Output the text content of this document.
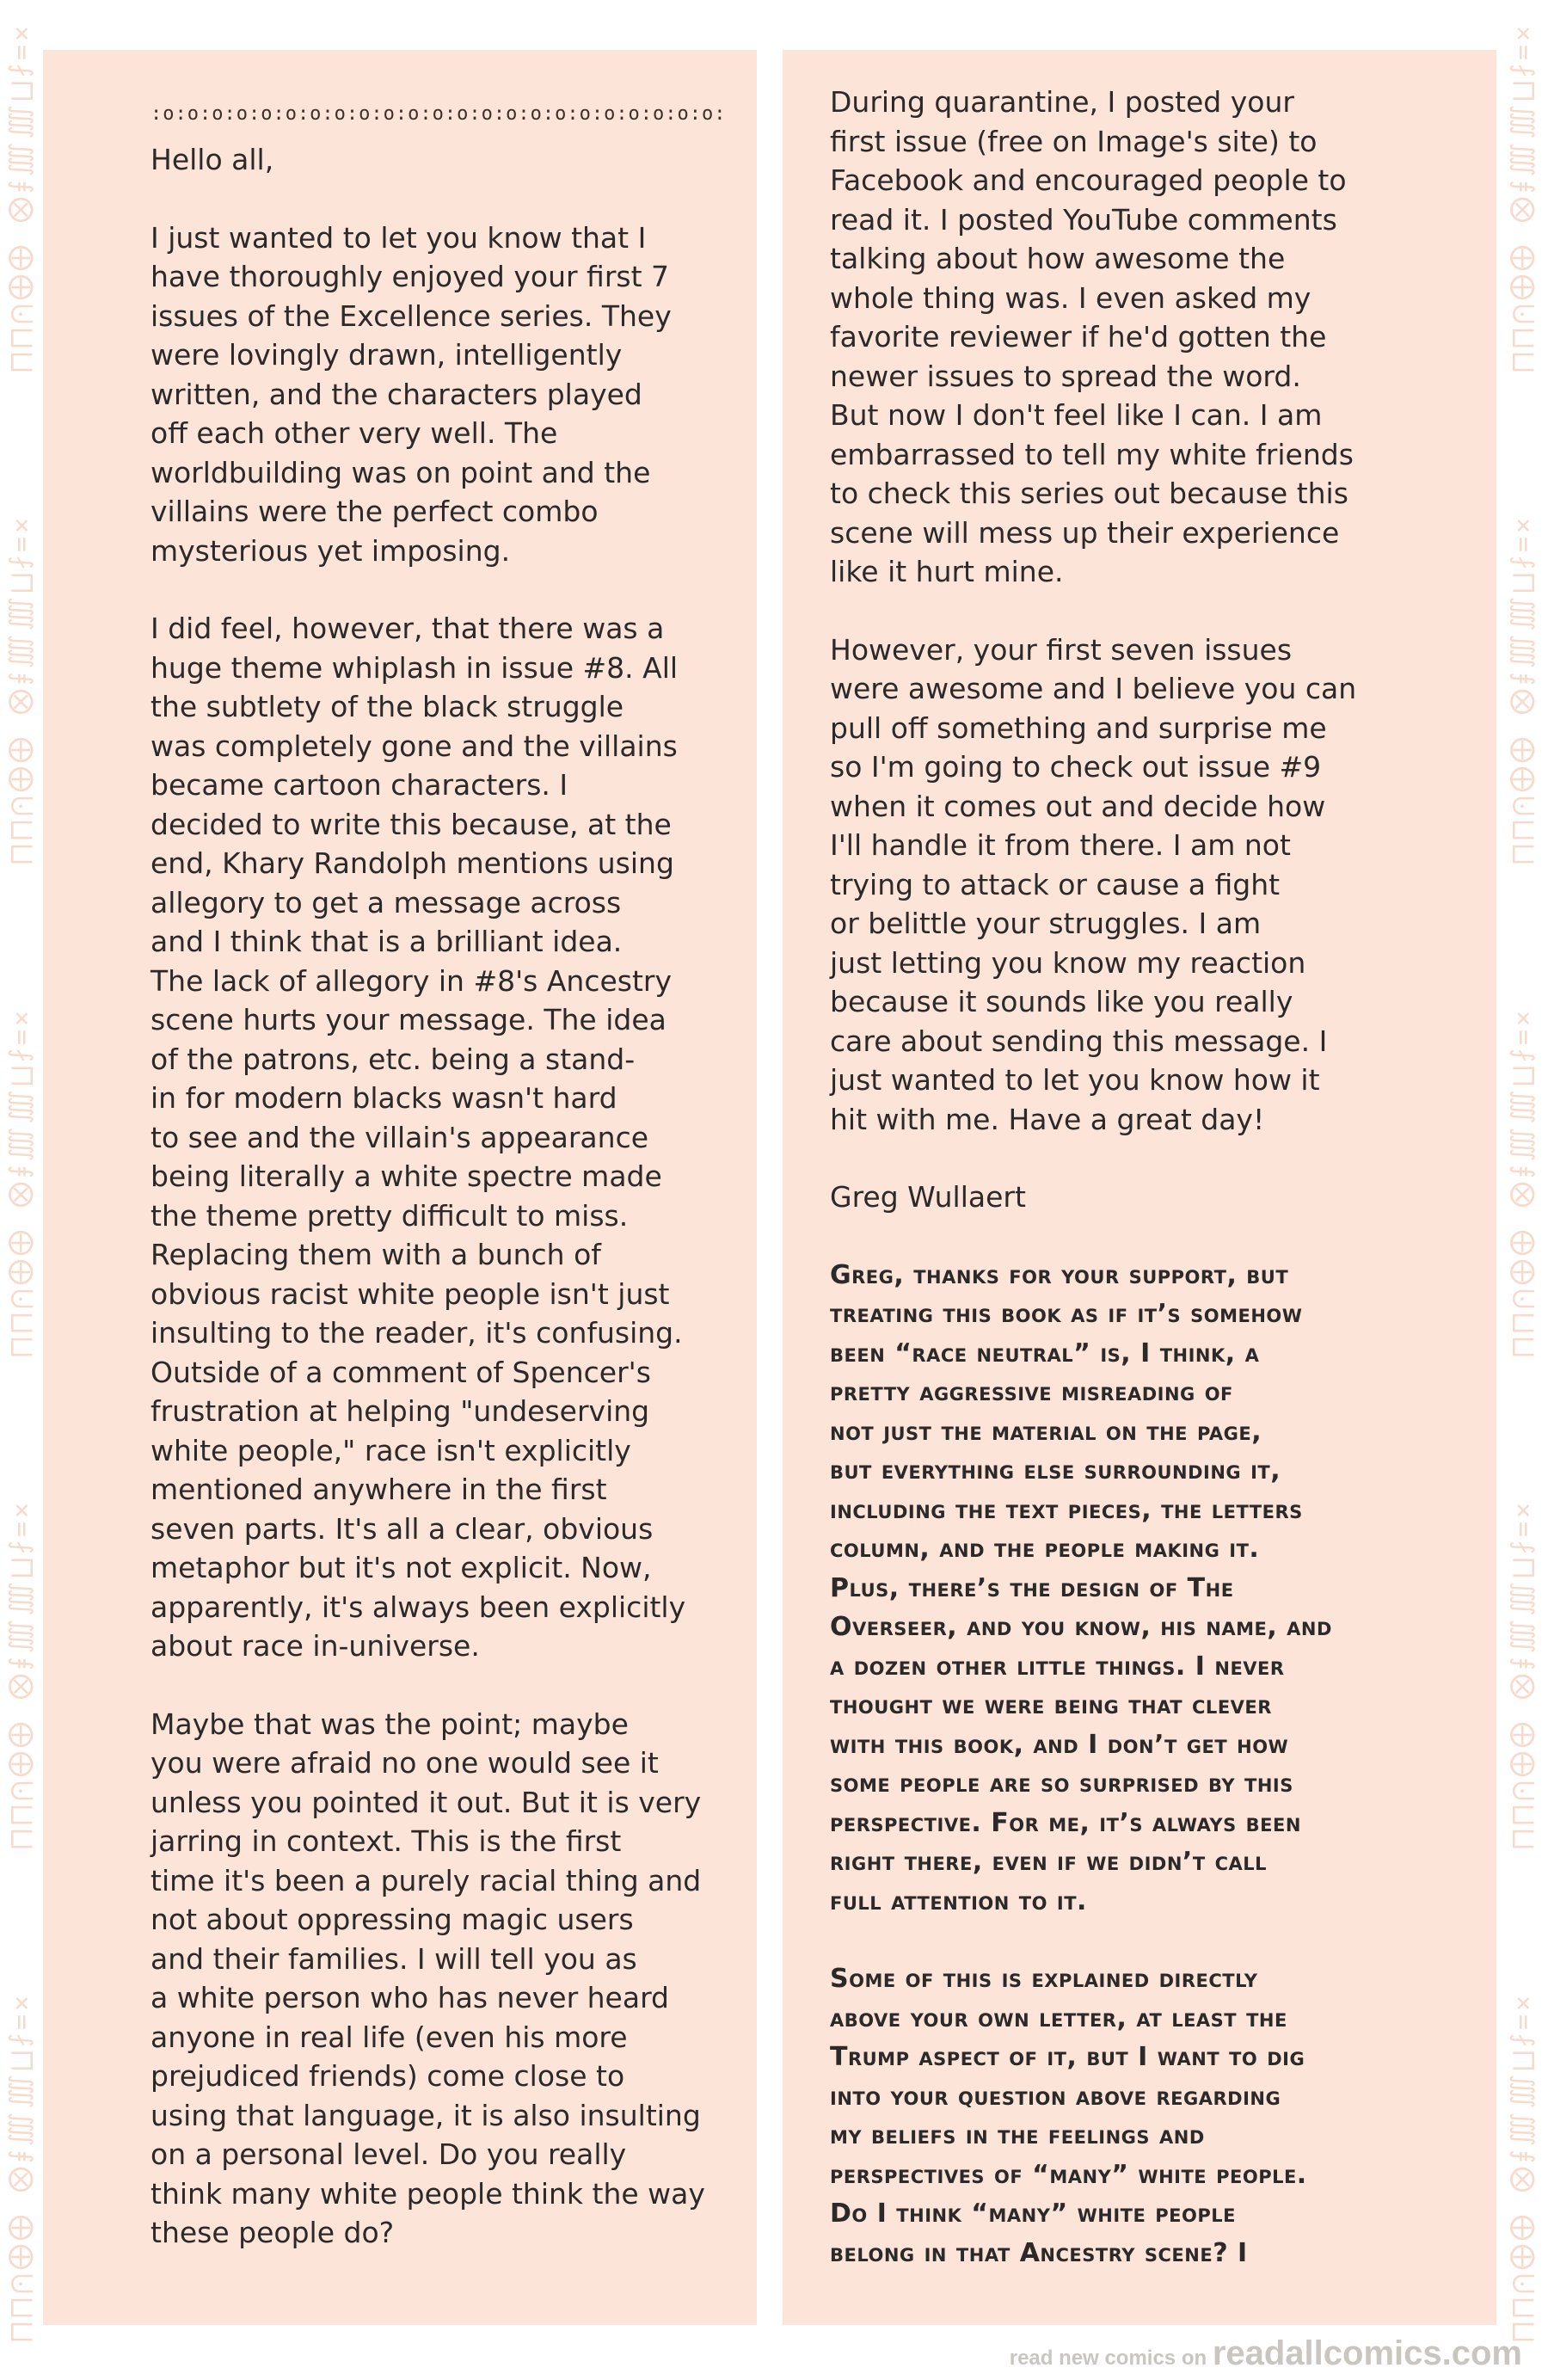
⨯=⨏⨅⨌⨌⨎⨂ ⨁⨁⨃⨆⨆
⨯=⨏⨅⨌⨌⨎⨂ ⨁⨁⨃⨆⨆
⨯=⨏⨅⨌⨌⨎⨂ ⨁⨁⨃⨆⨆
⨯=⨏⨅⨌⨌⨎⨂ ⨁⨁⨃⨆⨆
⨯=⨏⨅⨌⨌⨎⨂ ⨁⨁⨃⨆⨆
⨯=⨏⨅⨌⨌⨎⨂ ⨁⨁⨃⨆⨆
⨯=⨏⨅⨌⨌⨎⨂ ⨁⨁⨃⨆⨆
⨯=⨏⨅⨌⨌⨎⨂ ⨁⨁⨃⨆⨆
⨯=⨏⨅⨌⨌⨎⨂ ⨁⨁⨃⨆⨆
⨯=⨏⨅⨌⨌⨎⨂ ⨁⨁⨃⨆⨆
:o:o:o:o:o:o:o:o:o:o:o:o:o:o:o:o:o:o:o:o:o:o:o:

Hello all,

I just wanted to let you know that I
have thoroughly enjoyed your first 7
issues of the Excellence series. They
were lovingly drawn, intelligently
written, and the characters played
off each other very well. The
worldbuilding was on point and the
villains were the perfect combo
mysterious yet imposing.

I did feel, however, that there was a
huge theme whiplash in issue #8. All
the subtlety of the black struggle
was completely gone and the villains
became cartoon characters. I
decided to write this because, at the
end, Khary Randolph mentions using
allegory to get a message across
and I think that is a brilliant idea.
The lack of allegory in #8's Ancestry
scene hurts your message. The idea
of the patrons, etc. being a stand-
in for modern blacks wasn't hard
to see and the villain's appearance
being literally a white spectre made
the theme pretty difficult to miss.
Replacing them with a bunch of
obvious racist white people isn't just
insulting to the reader, it's confusing.
Outside of a comment of Spencer's
frustration at helping "undeserving
white people," race isn't explicitly
mentioned anywhere in the first
seven parts. It's all a clear, obvious
metaphor but it's not explicit. Now,
apparently, it's always been explicitly
about race in-universe.

Maybe that was the point; maybe
you were afraid no one would see it
unless you pointed it out. But it is very
jarring in context. This is the first
time it's been a purely racial thing and
not about oppressing magic users
and their families. I will tell you as
a white person who has never heard
anyone in real life (even his more
prejudiced friends) come close to
using that language, it is also insulting
on a personal level. Do you really
think many white people think the way
these people do?

During quarantine, I posted your
first issue (free on Image's site) to
Facebook and encouraged people to
read it. I posted YouTube comments
talking about how awesome the
whole thing was. I even asked my
favorite reviewer if he'd gotten the
newer issues to spread the word.
But now I don't feel like I can. I am
embarrassed to tell my white friends
to check this series out because this
scene will mess up their experience
like it hurt mine.

However, your first seven issues
were awesome and I believe you can
pull off something and surprise me
so I'm going to check out issue #9
when it comes out and decide how
I'll handle it from there. I am not
trying to attack or cause a fight
or belittle your struggles. I am
just letting you know my reaction
because it sounds like you really
care about sending this message. I
just wanted to let you know how it
hit with me. Have a great day!

Greg Wullaert

Greg, thanks for your support, but
treating this book as if it’s somehow
been “race neutral” is, I think, a
pretty aggressive misreading of
not just the material on the page,
but everything else surrounding it,
including the text pieces, the letters
column, and the people making it.
Plus, there’s the design of The
Overseer, and you know, his name, and
a dozen other little things. I never
thought we were being that clever
with this book, and I don’t get how
some people are so surprised by this
perspective. For me, it’s always been
right there, even if we didn’t call
full attention to it.

Some of this is explained directly
above your own letter, at least the
Trump aspect of it, but I want to dig
into your question above regarding
my beliefs in the feelings and
perspectives of “many” white people.
Do I think “many” white people
belong in that Ancestry scene? I

read new comics on readallcomics.com
